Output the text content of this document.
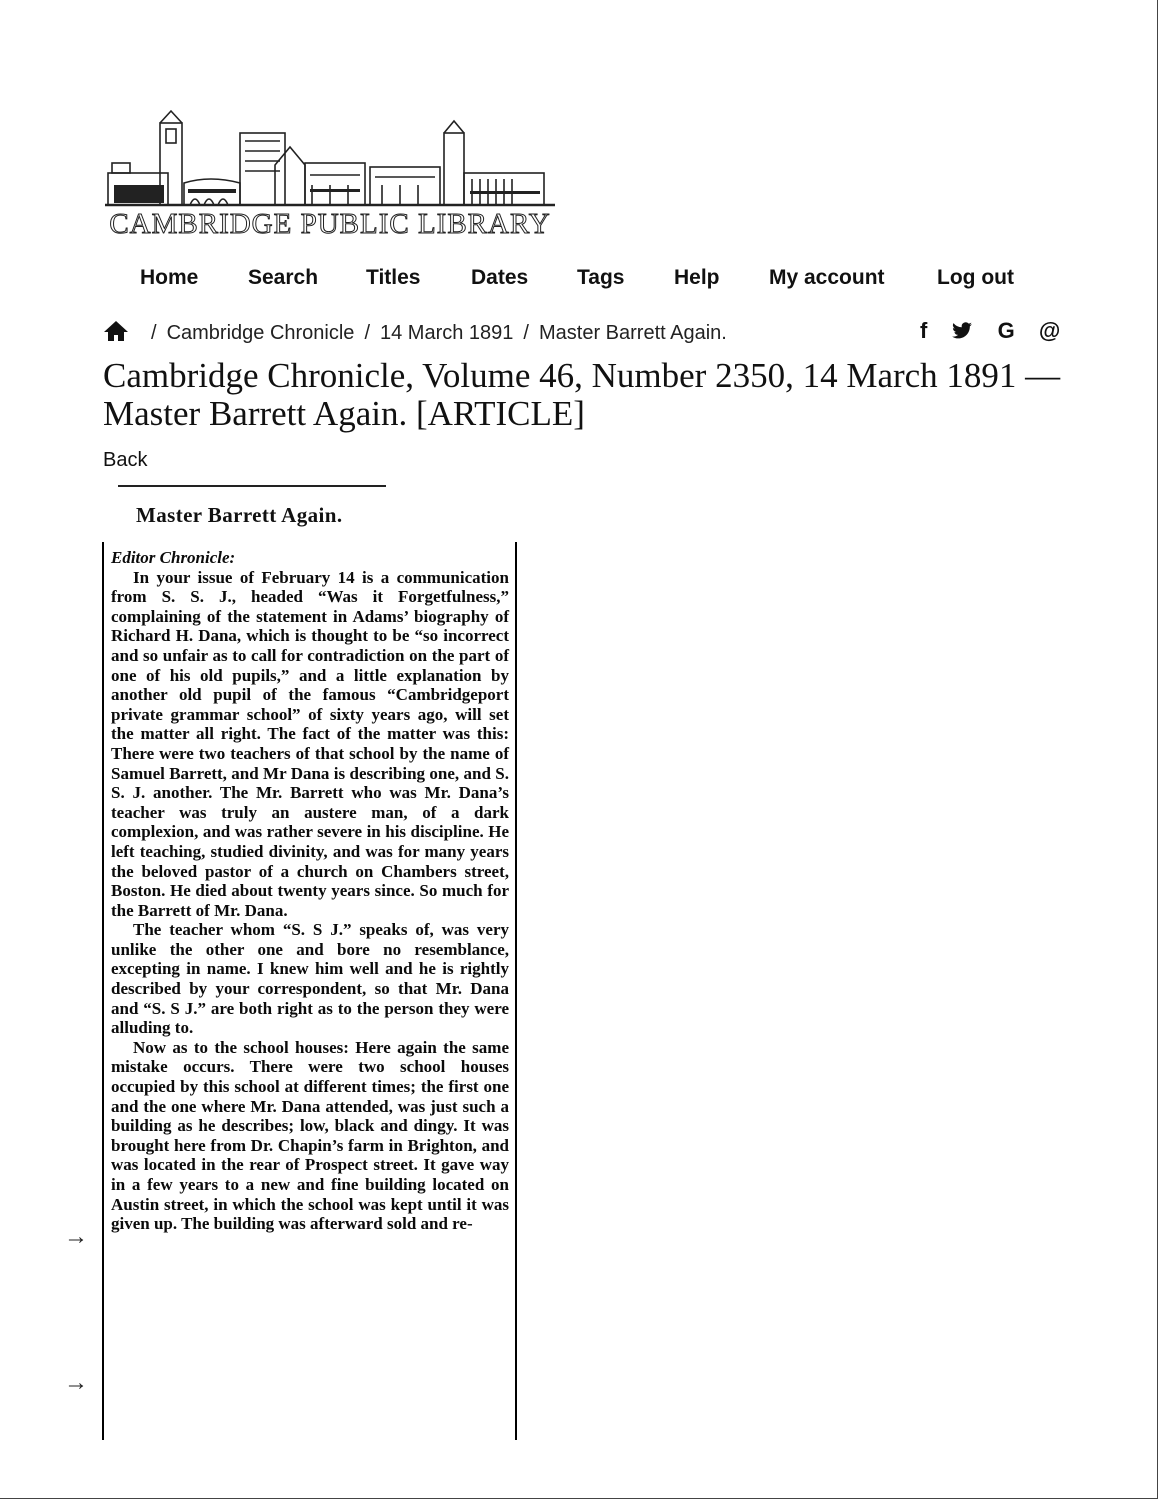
CAMBRIDGE PUBLIC LIBRARY
Home Search Titles Dates Tags Help My account Log out
/ Cambridge Chronicle / 14 March 1891 / Master Barrett Again.	f	G @
Cambridge Chronicle, Volume 46, Number 2350, 14 March 1891 — Master Barrett Again. [ARTICLE]
Back
Master Barrett Again.

Editor Chronicle:

In your issue of February 14 is a communication from S. S. J., headed “Was it Forgetfulness,” complaining of the statement in Adams’ biography of Richard H. Dana, which is thought to be “so incorrect and so unfair as to call for contradiction on the part of one of his old pupils,” and a little explanation by another old pupil of the famous “Cambridgeport private grammar school” of sixty years ago, will set the matter all right. The fact of the matter was this: There were two teachers of that school by the name of Samuel Barrett, and Mr Dana is describing one, and S. S. J. another. The Mr. Barrett who was Mr. Dana’s teacher was truly an austere man, of a dark complexion, and was rather severe in his discipline. He left teaching, studied divinity, and was for many years the beloved pastor of a church on Chambers street, Boston. He died about twenty years since. So much for the Barrett of Mr. Dana.

The teacher whom “S. S J.” speaks of, was very unlike the other one and bore no resemblance, excepting in name. I knew him well and he is rightly described by your correspondent, so that Mr. Dana and “S. S J.” are both right as to the person they were alluding to.

Now as to the school houses: Here again the same mistake occurs. There were two school houses occupied by this school at different times; the first one and the one where Mr. Dana attended, was just such a building as he describes; low, black and dingy. It was brought here from Dr. Chapin’s farm in Brighton, and was located in the rear of Prospect street. It gave way in a few years to a new and fine building located on Austin street, in which the school was kept until it was given up. The building was afterward sold and re-

→
→
